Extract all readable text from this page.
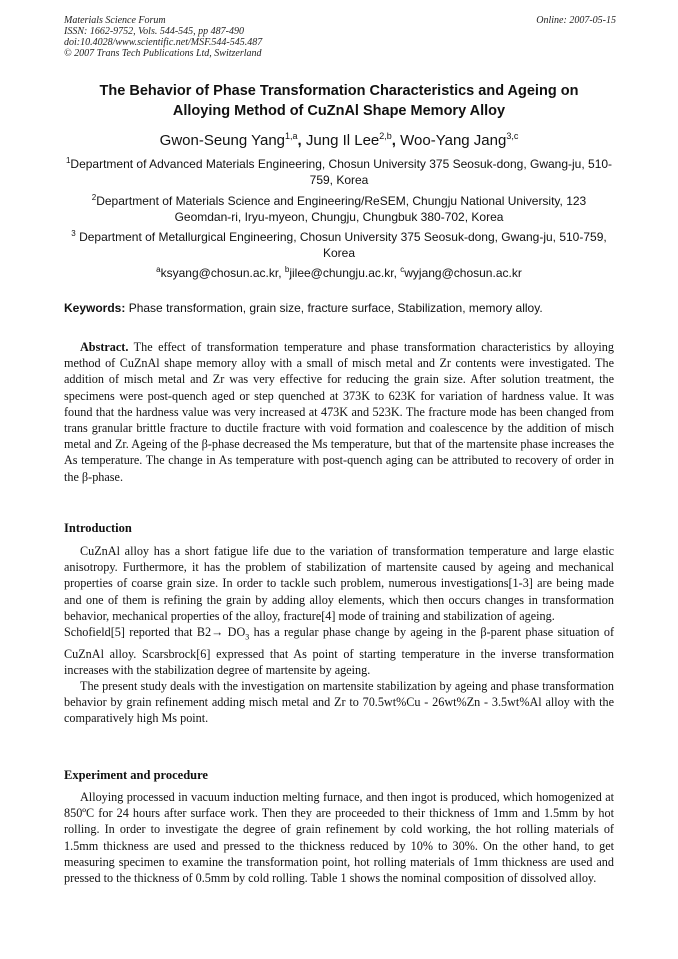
Materials Science Forum
ISSN: 1662-9752, Vols. 544-545, pp 487-490
doi:10.4028/www.scientific.net/MSF.544-545.487
© 2007 Trans Tech Publications Ltd, Switzerland
Online: 2007-05-15
The Behavior of Phase Transformation Characteristics and Ageing on
Alloying Method of CuZnAl Shape Memory Alloy
Gwon-Seung Yang$^{1,a}$, Jung Il Lee$^{2,b}$, Woo-Yang Jang$^{3,c}$
$^1$Department of Advanced Materials Engineering, Chosun University 375 Seosuk-dong, Gwang-ju, 510-759, Korea
$^2$Department of Materials Science and Engineering/ReSEM, Chungju National University, 123 Geomdan-ri, Iryu-myeon, Chungju, Chungbuk 380-702, Korea
$^3$ Department of Metallurgical Engineering, Chosun University 375 Seosuk-dong, Gwang-ju, 510-759, Korea
$^a$ksyang@chosun.ac.kr, $^b$jilee@chungju.ac.kr, $^c$wyjang@chosun.ac.kr
Keywords: Phase transformation, grain size, fracture surface, Stabilization, memory alloy.

Abstract. The effect of transformation temperature and phase transformation characteristics by alloying method of CuZnAl shape memory alloy with a small of misch metal and Zr contents were investigated. The addition of misch metal and Zr was very effective for reducing the grain size. After solution treatment, the specimens were post-quench aged or step quenched at 373K to 623K for variation of hardness value. It was found that the hardness value was very increased at 473K and 523K. The fracture mode has been changed from trans granular brittle fracture to ductile fracture with void formation and coalescence by the addition of misch metal and Zr. Ageing of the β-phase decreased the Ms temperature, but that of the martensite phase increases the As temperature. The change in As temperature with post-quench aging can be attributed to recovery of order in the β-phase.

Introduction

CuZnAl alloy has a short fatigue life due to the variation of transformation temperature and large elastic anisotropy. Furthermore, it has the problem of stabilization of martensite caused by ageing and mechanical properties of coarse grain size. In order to tackle such problem, numerous investigations[1-3] are being made and one of them is refining the grain by adding alloy elements, which then occurs changes in transformation behavior, mechanical properties of the alloy, fracture[4] mode of training and stabilization of ageing.

Schofield[5] reported that $B2\to DO_3$ has a regular phase change by ageing in the β-parent phase situation of CuZnAl alloy. Scarsbrock[6] expressed that As point of starting temperature in the inverse transformation increases with the stabilization degree of martensite by ageing.

The present study deals with the investigation on martensite stabilization by ageing and phase transformation behavior by grain refinement adding misch metal and Zr to 70.5wt%Cu - 26wt%Zn - 3.5wt%Al alloy with the comparatively high Ms point.

Experiment and procedure

Alloying processed in vacuum induction melting furnace, and then ingot is produced, which homogenized at 850ºC for 24 hours after surface work. Then they are proceeded to their thickness of 1mm and 1.5mm by hot rolling. In order to investigate the degree of grain refinement by cold working, the hot rolling materials of 1.5mm thickness are used and pressed to the thickness reduced by 10% to 30%. On the other hand, to get measuring specimen to examine the transformation point, hot rolling materials of 1mm thickness are used and pressed to the thickness of 0.5mm by cold rolling. Table 1 shows the nominal composition of dissolved alloy.
